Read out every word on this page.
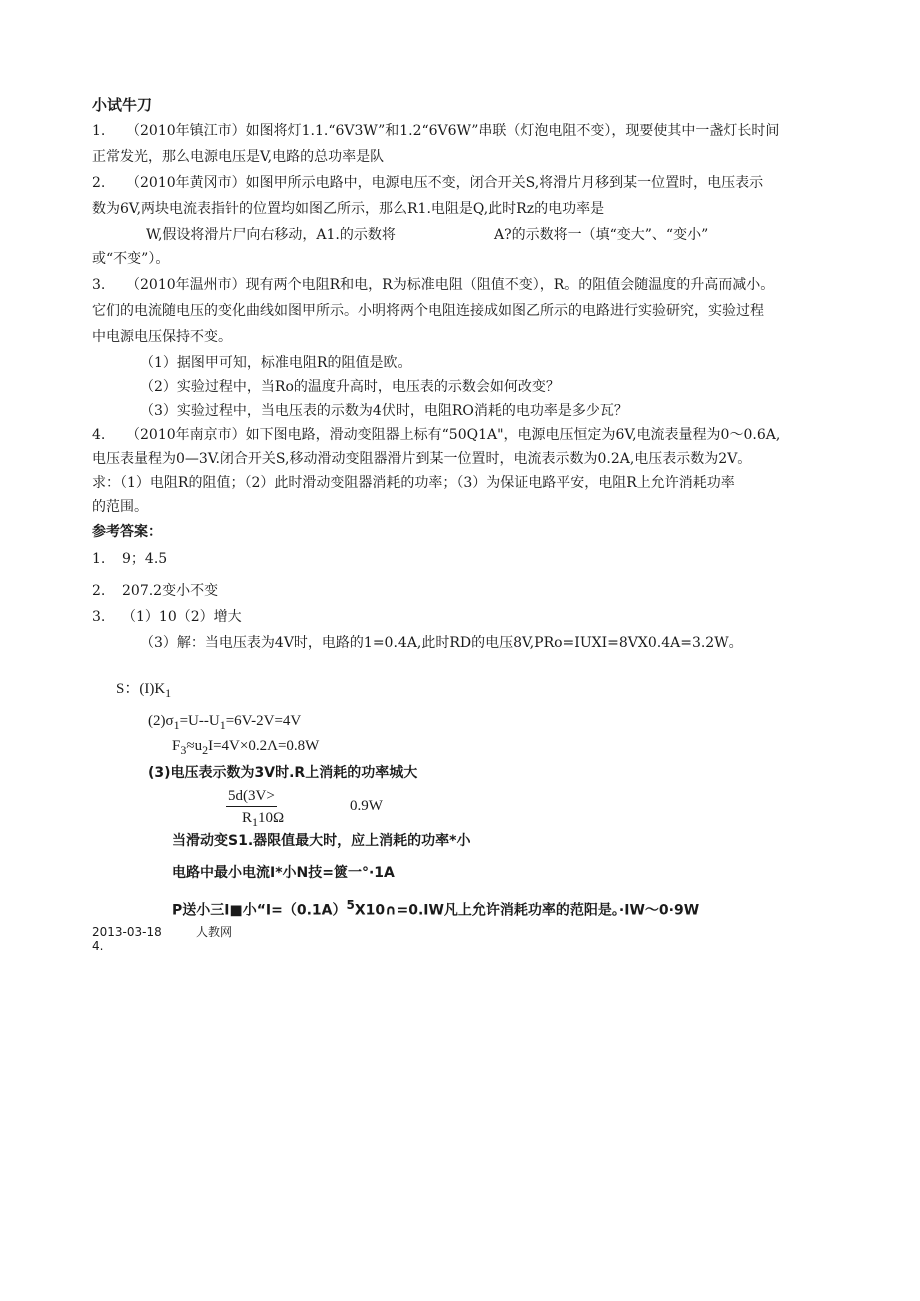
小试牛刀
1. （2010年镇江市）如图将灯1.1.“6V3W”和1.2“6V6W”串联（灯泡电阻不变），现要使其中一盏灯长时间
正常发光，那么电源电压是V,电路的总功率是队
2. （2010年黄冈市）如图甲所示电路中，电源电压不变，闭合开关S,将滑片月移到某一位置时，电压表示
数为6V,两块电流表指针的位置均如图乙所示，那么R1.电阻是Q,此时Rz的电功率是
W,假设将滑片尸向右移动，A1.的示数将	A?的示数将一（填“变大”、“变小”
或“不变”）。
3. （2010年温州市）现有两个电阻R和电，R为标准电阻（阻值不变），R。的阻值会随温度的升高而减小。
它们的电流随电压的变化曲线如图甲所示。小明将两个电阻连接成如图乙所示的电路进行实验研究，实验过程
中电源电压保持不变。
（1）据图甲可知，标准电阻R的阻值是欧。
（2）实验过程中，当Ro的温度升高时，电压表的示数会如何改变？
（3）实验过程中，当电压表的示数为4伏时，电阻RO消耗的电功率是多少瓦？
4. （2010年南京市）如下图电路，滑动变阻器上标有“50Q1A"，电源电压恒定为6V,电流表量程为0～0.6A,
电压表量程为0—3V.闭合开关S,移动滑动变阻器滑片到某一位置时，电流表示数为0.2A,电压表示数为2V。
求：（1）电阻R的阻值；（2）此时滑动变阻器消耗的功率；（3）为保证电路平安，电阻R上允许消耗功率
的范围。
参考答案：
1. 9；4.5
2. 207.2变小不变
3. （1）10（2）增大
（3）解：当电压表为4V时，电路的1=0.4A,此时RD的电压8V,PRo=IUXI=8VX0.4A=3.2W。
S：$(I)K_1$
$(2)\sigma_1=U--U_1=6V-2V=4V$
$F_3\approx u_2I=4V\times 0.2\Lambda=0.8W$
(3)电压表示数为3V时.R上消耗的功率城大
5d(3V>
$R_110\Omega$
0.9W
当滑动变S1.器限值最大时，应上消耗的功率*小
电路中最小电流I*小N技=篋一°·1A
P送小三I■小“$I=(0.1A)^5X10\cap=0.IW$凡上允许消耗功率的范阳是。·IW～0·9W
2013-03-18	人教网
4.
